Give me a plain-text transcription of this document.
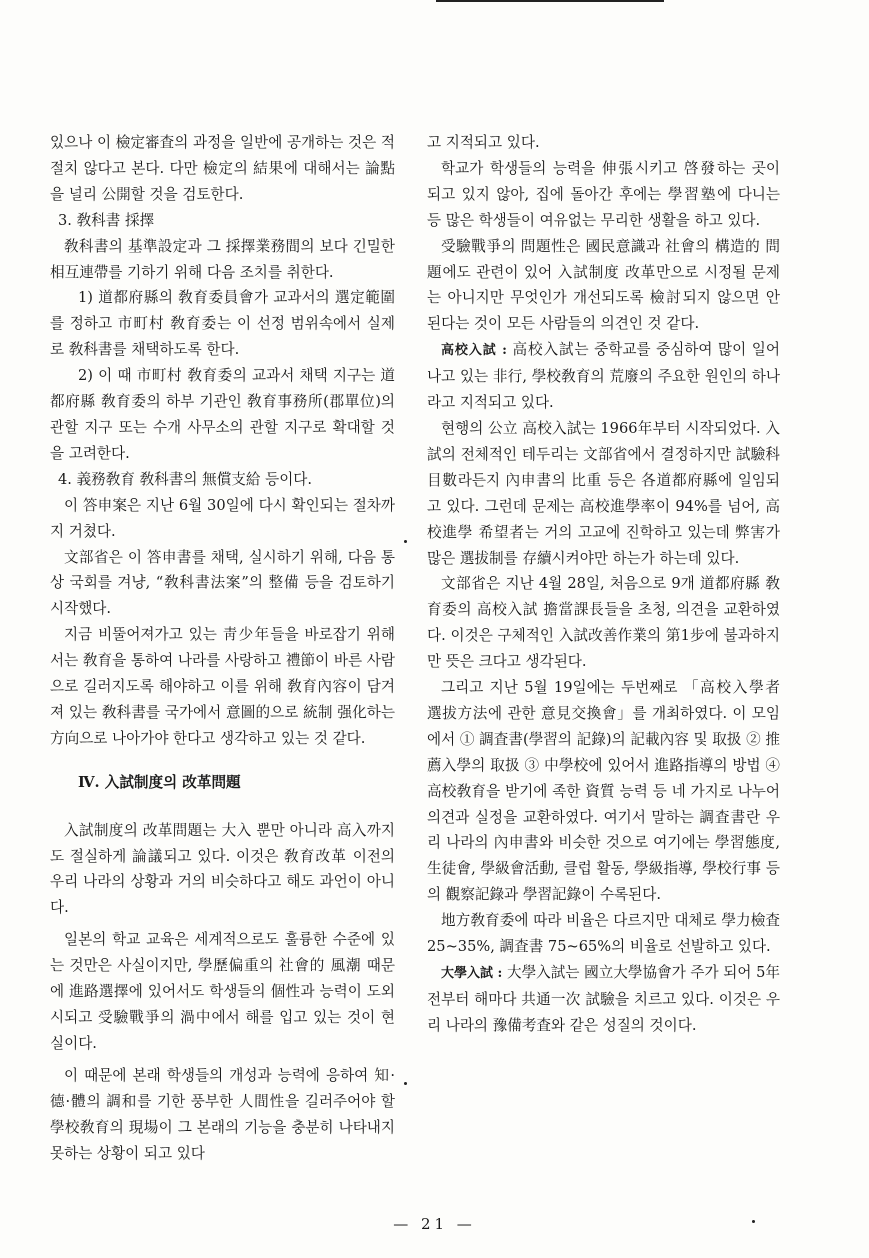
있으나 이 檢定審査의 과정을 일반에 공개하는 것은 적절치 않다고 본다. 다만 檢定의 結果에 대해서는 論點을 널리 公開할 것을 검토한다.

3. 敎科書 採擇

敎科書의 基準設定과 그 採擇業務間의 보다 긴밀한 相互連帶를 기하기 위해 다음 조치를 취한다.

1) 道都府縣의 敎育委員會가 교과서의 選定範圍를 정하고 市町村 敎育委는 이 선정 범위속에서 실제로 敎科書를 채택하도록 한다.

2) 이 때 市町村 敎育委의 교과서 채택 지구는 道都府縣 敎育委의 하부 기관인 敎育事務所(郡單位)의 관할 지구 또는 수개 사무소의 관할 지구로 확대할 것을 고려한다.

4. 義務敎育 敎科書의 無償支給 등이다.

이 答申案은 지난 6월 30일에 다시 확인되는 절차까지 거쳤다.

文部省은 이 答申書를 채택, 실시하기 위해, 다음 통상 국회를 겨냥, “敎科書法案”의 整備 등을 검토하기 시작했다.

지금 비뚤어져가고 있는 靑少年들을 바로잡기 위해서는 敎育을 통하여 나라를 사랑하고 禮節이 바른 사람으로 길러지도록 해야하고 이를 위해 敎育內容이 담겨져 있는 敎科書를 국가에서 意圖的으로 統制 强化하는 方向으로 나아가야 한다고 생각하고 있는 것 같다.

Ⅳ. 入試制度의 改革問題

入試制度의 改革問題는 大入 뿐만 아니라 高入까지도 절실하게 論議되고 있다. 이것은 敎育改革 이전의 우리 나라의 상황과 거의 비슷하다고 해도 과언이 아니다.

일본의 학교 교육은 세계적으로도 훌륭한 수준에 있는 것만은 사실이지만, 學歷偏重의 社會的 風潮 때문에 進路選擇에 있어서도 학생들의 個性과 능력이 도외시되고 受驗戰爭의 渦中에서 해를 입고 있는 것이 현실이다.

이 때문에 본래 학생들의 개성과 능력에 응하여 知·德·體의 調和를 기한 풍부한 人間性을 길러주어야 할 學校敎育의 現場이 그 본래의 기능을 충분히 나타내지 못하는 상황이 되고 있다

고 지적되고 있다.

학교가 학생들의 능력을 伸張시키고 啓發하는 곳이 되고 있지 않아, 집에 돌아간 후에는 學習塾에 다니는 등 많은 학생들이 여유없는 무리한 생활을 하고 있다.

受驗戰爭의 問題性은 國民意識과 社會의 構造的 問題에도 관련이 있어 入試制度 改革만으로 시정될 문제는 아니지만 무엇인가 개선되도록 檢討되지 않으면 안된다는 것이 모든 사람들의 의견인 것 같다.

高校入試 : 高校入試는 중학교를 중심하여 많이 일어나고 있는 非行, 學校敎育의 荒廢의 주요한 원인의 하나라고 지적되고 있다.

현행의 公立 高校入試는 1966年부터 시작되었다. 入試의 전체적인 테두리는 文部省에서 결정하지만 試驗科目數라든지 內申書의 比重 등은 各道都府縣에 일임되고 있다. 그런데 문제는 高校進學率이 94%를 넘어, 高校進學 希望者는 거의 고교에 진학하고 있는데 弊害가 많은 選拔制를 存續시켜야만 하는가 하는데 있다.

文部省은 지난 4월 28일, 처음으로 9개 道都府縣 敎育委의 高校入試 擔當課長들을 초청, 의견을 교환하였다. 이것은 구체적인 入試改善作業의 第1步에 불과하지만 뜻은 크다고 생각된다.

그리고 지난 5월 19일에는 두번째로 「高校入學者 選拔方法에 관한 意見交換會」를 개최하였다. 이 모임에서 ① 調査書(學習의 記錄)의 記載內容 및 取扱 ② 推薦入學의 取扱 ③ 中學校에 있어서 進路指導의 방법 ④ 高校敎育을 받기에 족한 資質 능력 등 네 가지로 나누어 의견과 실정을 교환하였다. 여기서 말하는 調査書란 우리 나라의 內申書와 비슷한 것으로 여기에는 學習態度, 生徒會, 學級會活動, 클럽 활동, 學級指導, 學校行事 등의 觀察記錄과 學習記錄이 수록된다.

地方敎育委에 따라 비율은 다르지만 대체로 學力檢査 25~35%, 調査書 75~65%의 비율로 선발하고 있다.

大學入試 : 大學入試는 國立大學協會가 주가 되어 5年 전부터 해마다 共通一次 試驗을 치르고 있다. 이것은 우리 나라의 豫備考査와 같은 성질의 것이다.

— 21 —
